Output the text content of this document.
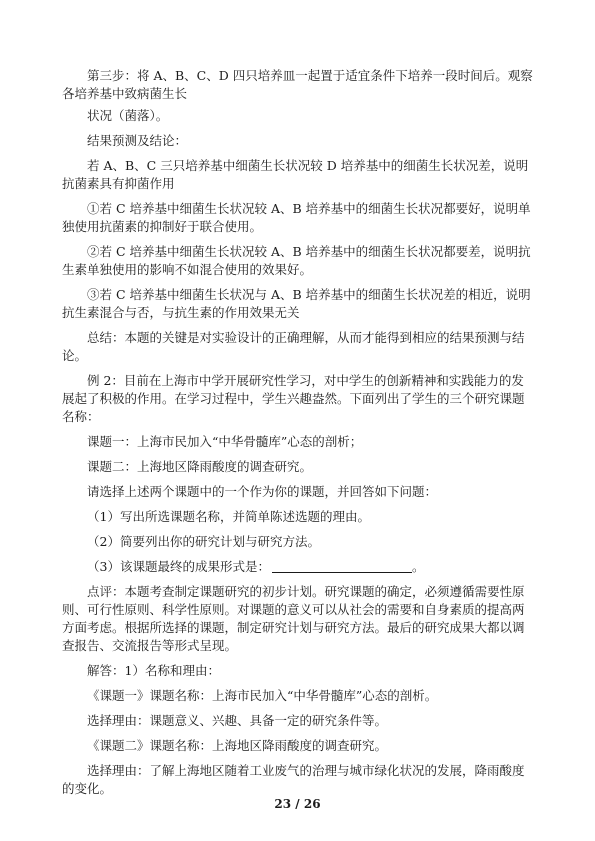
第三步：将 A、B、C、D 四只培养皿一起置于适宜条件下培养一段时间后。观察各培养基中致病菌生长

状况（菌落）。

结果预测及结论：

若 A、B、C 三只培养基中细菌生长状况较 D 培养基中的细菌生长状况差，说明抗菌素具有抑菌作用

①若 C 培养基中细菌生长状况较 A、B 培养基中的细菌生长状况都要好，说明单独使用抗菌素的抑制好于联合使用。

②若 C 培养基中细菌生长状况较 A、B 培养基中的细菌生长状况都要差，说明抗生素单独使用的影响不如混合使用的效果好。

③若 C 培养基中细菌生长状况与 A、B 培养基中的细菌生长状况差的相近，说明抗生素混合与否，与抗生素的作用效果无关

总结：本题的关键是对实验设计的正确理解，从而才能得到相应的结果预测与结论。

例 2：目前在上海市中学开展研究性学习，对中学生的创新精神和实践能力的发展起了积极的作用。在学习过程中，学生兴趣盎然。下面列出了学生的三个研究课题名称：

课题一：上海市民加入“中华骨髓库”心态的剖析；

课题二：上海地区降雨酸度的调查研究。

请选择上述两个课题中的一个作为你的课题，并回答如下问题：

（1）写出所选课题名称，并简单陈述选题的理由。

（2）简要列出你的研究计划与研究方法。

（3）该课题最终的成果形式是：	。

点评：本题考查制定课题研究的初步计划。研究课题的确定，必须遵循需要性原则、可行性原则、科学性原则。对课题的意义可以从社会的需要和自身素质的提高两方面考虑。根据所选择的课题，制定研究计划与研究方法。最后的研究成果大都以调查报告、交流报告等形式呈现。

解答：1）名称和理由：

《课题一》课题名称：上海市民加入“中华骨髓库”心态的剖析。

选择理由：课题意义、兴趣、具备一定的研究条件等。

《课题二》课题名称：上海地区降雨酸度的调查研究。

选择理由：了解上海地区随着工业废气的治理与城市绿化状况的发展，降雨酸度的变化。

23 / 26
